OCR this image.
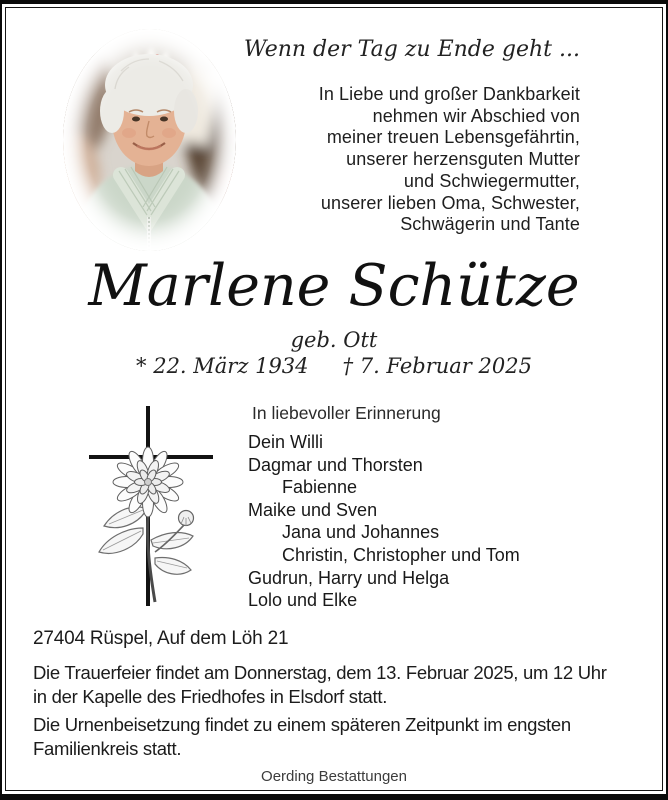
Wenn der Tag zu Ende geht ...
In Liebe und großer Dankbarkeit
nehmen wir Abschied von
meiner treuen Lebensgefährtin,
unserer herzensguten Mutter
und Schwiegermutter,
unserer lieben Oma, Schwester,
Schwägerin und Tante
Marlene Schütze
geb. Ott
* 22. März 1934 † 7. Februar 2025
In liebevoller Erinnerung
Dein Willi
Dagmar und Thorsten
Fabienne
Maike und Sven
Jana und Johannes
Christin, Christopher und Tom
Gudrun, Harry und Helga
Lolo und Elke
27404 Rüspel, Auf dem Löh 21
Die Trauerfeier findet am Donnerstag, dem 13. Februar 2025, um 12 Uhr
in der Kapelle des Friedhofes in Elsdorf statt.
Die Urnenbeisetzung findet zu einem späteren Zeitpunkt im engsten
Familienkreis statt.
Oerding Bestattungen
